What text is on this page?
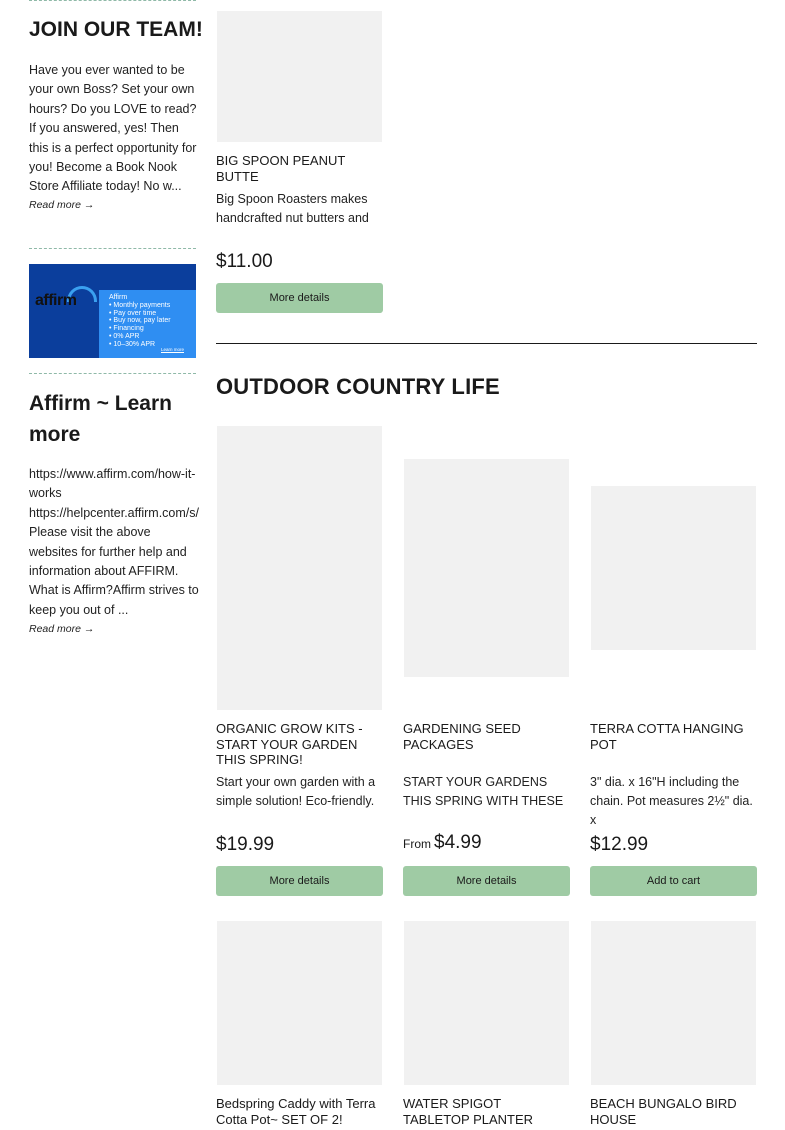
JOIN OUR TEAM!

Have you ever wanted to be your own Boss? Set your own hours? Do you LOVE to read? If you answered, yes! Then this is a perfect opportunity for you! Become a Book Nook Store Affiliate today! No w...

Read more →
affirm	Affirm
• Monthly payments
• Pay over time
• Buy now, pay later
• Financing
• 0% APR
• 10–30% APR
Learn more
Affirm ~ Learn more
https://www.affirm.com/how-it-works
https://helpcenter.affirm.com/s/
Please visit the above websites for further help and information about AFFIRM. What is Affirm?Affirm strives to keep you out of ...
Read more →
BIG SPOON PEANUT BUTTE
Big Spoon Roasters makes handcrafted nut butters and
$11.00
More details
OUTDOOR COUNTRY LIFE
ORGANIC GROW KITS - START YOUR GARDEN THIS SPRING!
GARDENING SEED PACKAGES
TERRA COTTA HANGING POT
Start your own garden with a simple solution! Eco-friendly.
START YOUR GARDENS THIS SPRING WITH THESE
3" dia. x 16"H including the chain. Pot measures 2½" dia. x
$19.99	From $4.99	$12.99
More details	More details	Add to cart
Bedspring Caddy with Terra Cotta Pot~ SET OF 2!
WATER SPIGOT TABLETOP PLANTER
BEACH BUNGALO BIRD HOUSE
